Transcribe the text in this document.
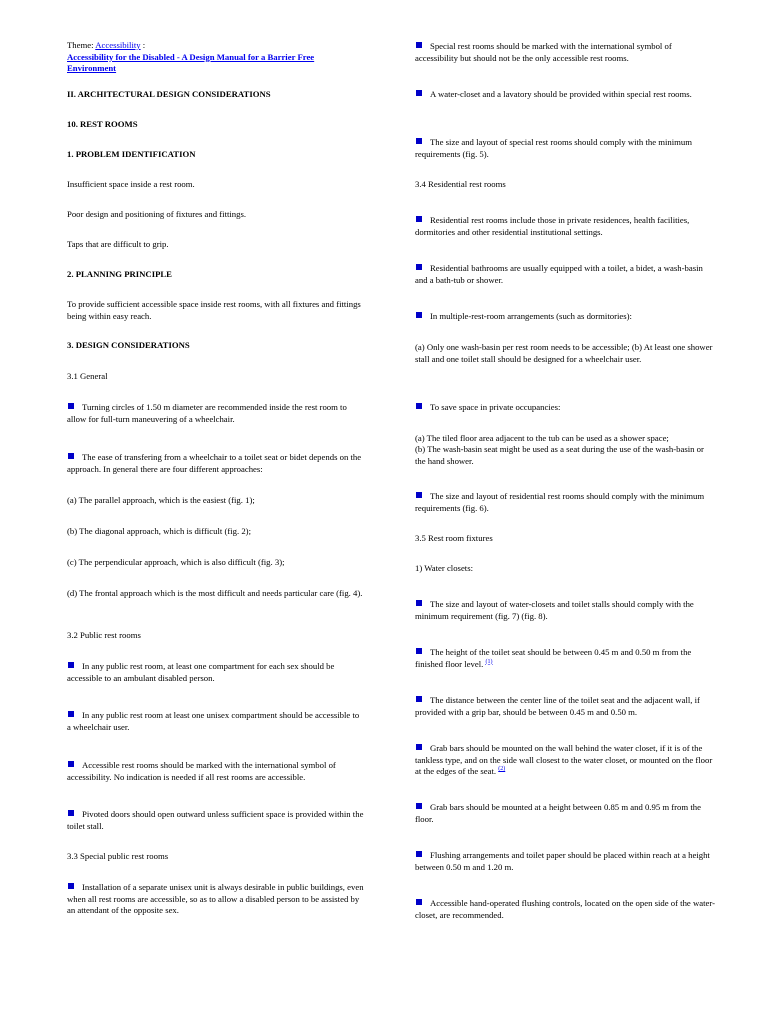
Theme: Accessibility :

Accessibility for the Disabled - A Design Manual for a Barrier Free Environment

II. ARCHITECTURAL DESIGN CONSIDERATIONS

10. REST ROOMS

1. PROBLEM IDENTIFICATION

Insufficient space inside a rest room.

Poor design and positioning of fixtures and fittings.

Taps that are difficult to grip.

2. PLANNING PRINCIPLE

To provide sufficient accessible space inside rest rooms, with all fixtures and fittings being within easy reach.

3. DESIGN CONSIDERATIONS

3.1 General

Turning circles of 1.50 m diameter are recommended inside the rest room to allow for full-turn maneuvering of a wheelchair.

The ease of transfering from a wheelchair to a toilet seat or bidet depends on the approach. In general there are four different approaches:

(a) The parallel approach, which is the easiest (fig. 1);

(b) The diagonal approach, which is difficult (fig. 2);

(c) The perpendicular approach, which is also difficult (fig. 3);

(d) The frontal approach which is the most difficult and needs particular care (fig. 4).

3.2 Public rest rooms

In any public rest room, at least one compartment for each sex should be accessible to an ambulant disabled person.

In any public rest room at least one unisex compartment should be accessible to a wheelchair user.

Accessible rest rooms should be marked with the international symbol of accessibility. No indication is needed if all rest rooms are accessible.

Pivoted doors should open outward unless sufficient space is provided within the toilet stall.

3.3 Special public rest rooms

Installation of a separate unisex unit is always desirable in public buildings, even when all rest rooms are accessible, so as to allow a disabled person to be assisted by an attendant of the opposite sex.

Special rest rooms should be marked with the international symbol of accessibility but should not be the only accessible rest rooms.

A water-closet and a lavatory should be provided within special rest rooms.

The size and layout of special rest rooms should comply with the minimum requirements (fig. 5).

3.4 Residential rest rooms

Residential rest rooms include those in private residences, health facilities, dormitories and other residential institutional settings.

Residential bathrooms are usually equipped with a toilet, a bidet, a wash-basin and a bath-tub or shower.

In multiple-rest-room arrangements (such as dormitories):

(a) Only one wash-basin per rest room needs to be accessible; (b) At least one shower stall and one toilet stall should be designed for a wheelchair user.

To save space in private occupancies:

(a) The tiled floor area adjacent to the tub can be used as a shower space;

(b) The wash-basin seat might be used as a seat during the use of the wash-basin or the hand shower.

The size and layout of residential rest rooms should comply with the minimum requirements (fig. 6).

3.5 Rest room fixtures

1) Water closets:

The size and layout of water-closets and toilet stalls should comply with the minimum requirement (fig. 7) (fig. 8).

The height of the toilet seat should be between 0.45 m and 0.50 m from the finished floor level. $^{(1)}$

The distance between the center line of the toilet seat and the adjacent wall, if provided with a grip bar, should be between 0.45 m and 0.50 m.

Grab bars should be mounted on the wall behind the water closet, if it is of the tankless type, and on the side wall closest to the water closet, or mounted on the floor at the edges of the seat. $^{(2)}$

Grab bars should be mounted at a height between 0.85 m and 0.95 m from the floor.

Flushing arrangements and toilet paper should be placed within reach at a height between 0.50 m and 1.20 m.

Accessible hand-operated flushing controls, located on the open side of the water-closet, are recommended.
